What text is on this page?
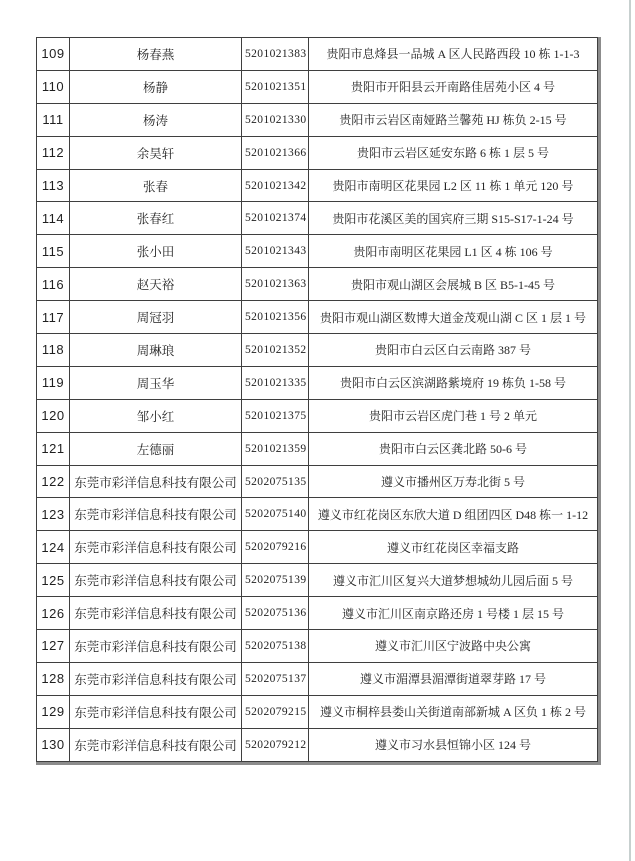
109	杨春燕	5201021383	贵阳市息烽县一品城 A 区人民路西段 10 栋 1-1-3
110	杨静	5201021351	贵阳市开阳县云开南路佳居苑小区 4 号
111	杨涛	5201021330	贵阳市云岩区南娅路兰馨苑 HJ 栋负 2-15 号
112	余昊轩	5201021366	贵阳市云岩区延安东路 6 栋 1 层 5 号
113	张春	5201021342	贵阳市南明区花果园 L2 区 11 栋 1 单元 120 号
114	张春红	5201021374	贵阳市花溪区美的国宾府三期 S15-S17-1-24 号
115	张小田	5201021343	贵阳市南明区花果园 L1 区 4 栋 106 号
116	赵天裕	5201021363	贵阳市观山湖区会展城 B 区 B5-1-45 号
117	周冠羽	5201021356	贵阳市观山湖区数博大道金茂观山湖 C 区 1 层 1 号
118	周琳琅	5201021352	贵阳市白云区白云南路 387 号
119	周玉华	5201021335	贵阳市白云区滨湖路紫境府 19 栋负 1-58 号
120	邹小红	5201021375	贵阳市云岩区虎门巷 1 号 2 单元
121	左德丽	5201021359	贵阳市白云区龚北路 50-6 号
122	东莞市彩洋信息科技有限公司	5202075135	遵义市播州区万寿北街 5 号
123	东莞市彩洋信息科技有限公司	5202075140	遵义市红花岗区东欣大道 D 组团四区 D48 栋一 1-12
124	东莞市彩洋信息科技有限公司	5202079216	遵义市红花岗区幸福支路
125	东莞市彩洋信息科技有限公司	5202075139	遵义市汇川区复兴大道梦想城幼儿园后面 5 号
126	东莞市彩洋信息科技有限公司	5202075136	遵义市汇川区南京路还房 1 号楼 1 层 15 号
127	东莞市彩洋信息科技有限公司	5202075138	遵义市汇川区宁波路中央公寓
128	东莞市彩洋信息科技有限公司	5202075137	遵义市湄潭县湄潭街道翠芽路 17 号
129	东莞市彩洋信息科技有限公司	5202079215	遵义市桐梓县娄山关街道南部新城 A 区负 1 栋 2 号
130	东莞市彩洋信息科技有限公司	5202079212	遵义市习水县恒锦小区 124 号
